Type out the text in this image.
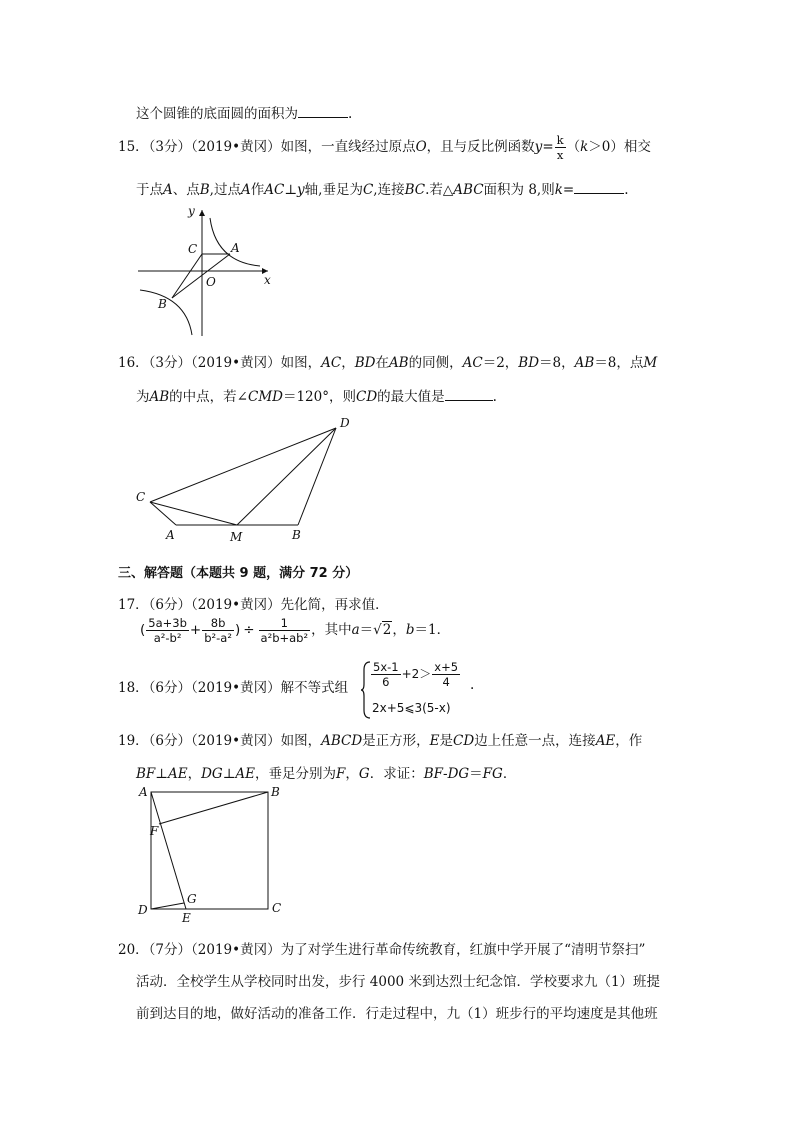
这个圆锥的底面圆的面积为	.
15．（3分）（2019•黄冈）如图，一直线经过原点O，且与反比例函数$y= \frac{k}{x} (k>0)$相交
于点A、点B,过点A作AC⊥y轴,垂足为C,连接BC.若△ABC面积为 8,则k=	.
x
y
O
A
B
C
16．（3分）（2019•黄冈）如图，AC，BD在AB的同侧，AC＝2，BD＝8，AB＝8，点M
为AB的中点，若∠CMD＝120°，则CD的最大值是	.
A	B
C
D
M
三、解答题（本题共 9 题，满分 72 分）
17．（6分）（2019•黄冈）先化简，再求值．
( $\frac{5a+3b}{\text{a²-b²}} + \frac{8b}{\text{b²-a²}}$ ) ÷ $\frac{1}{\text{a²b+ab²}}$ ，其中a＝√2，b＝1．
18．（6分）（2019•黄冈）解不等式组 $\frac{5x-1}{6} +2> \frac{x+5}{4}$ .
2x+5⩽3(5-x)
19．（6分）（2019•黄冈）如图，ABCD是正方形，E是CD边上任意一点，连接AE，作
BF⊥AE，DG⊥AE，垂足分别为F，G．求证：BF-DG＝FG．
A	B
C
D
E
F
G
20．（7分）（2019•黄冈）为了对学生进行革命传统教育，红旗中学开展了“清明节祭扫”
活动．全校学生从学校同时出发，步行 4000 米到达烈士纪念馆．学校要求九（1）班提
前到达目的地，做好活动的准备工作．行走过程中，九（1）班步行的平均速度是其他班
